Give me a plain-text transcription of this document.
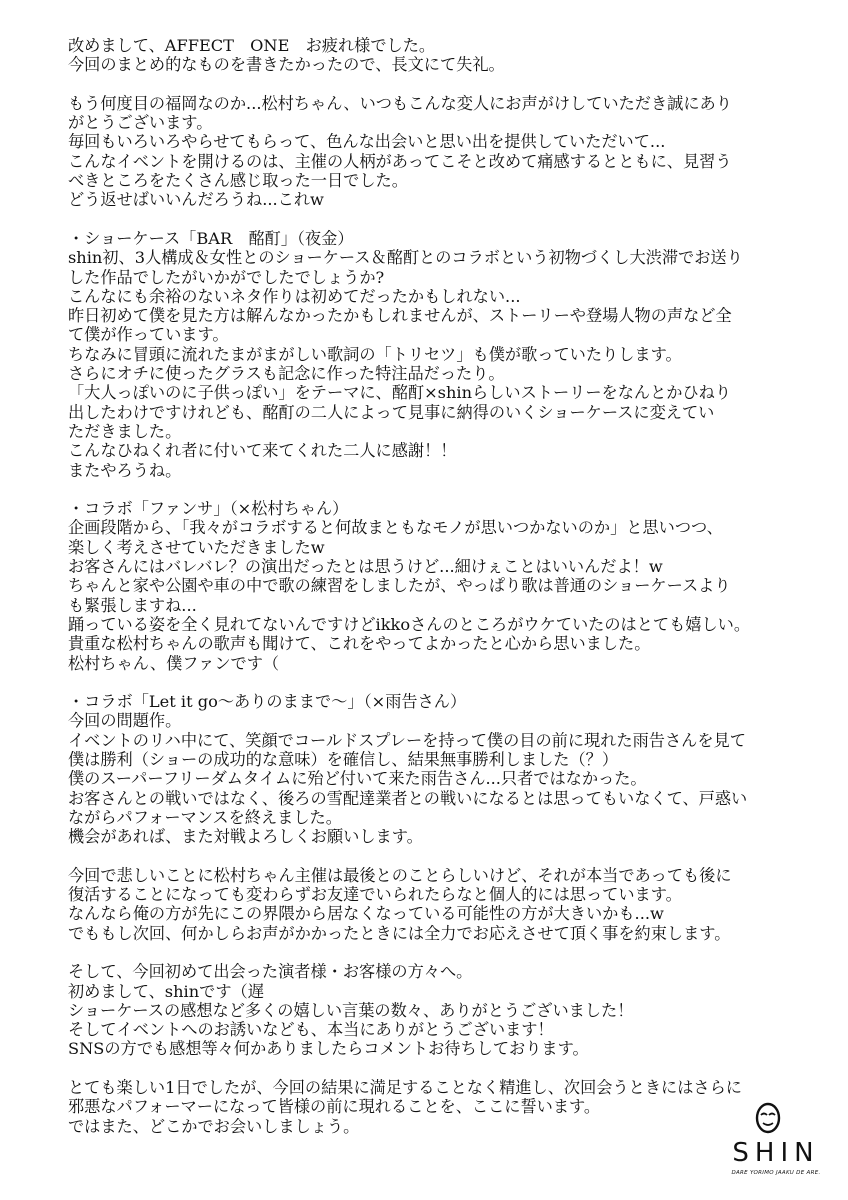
改めまして、AFFECT　ONE　お疲れ様でした。
今回のまとめ的なものを書きたかったので、長文にて失礼。
もう何度目の福岡なのか...松村ちゃん、いつもこんな変人にお声がけしていただき誠にあり
がとうございます。
毎回もいろいろやらせてもらって、色んな出会いと思い出を提供していただいて...
こんなイベントを開けるのは、主催の人柄があってこそと改めて痛感するとともに、見習う
べきところをたくさん感じ取った一日でした。
どう返せばいいんだろうね...これw
・ショーケース「BAR　酩酊」（夜金）
shin初、3人構成＆女性とのショーケース＆酩酊とのコラボという初物づくし大渋滞でお送り
した作品でしたがいかがでしたでしょうか?
こんなにも余裕のないネタ作りは初めてだったかもしれない...
昨日初めて僕を見た方は解んなかったかもしれませんが、ストーリーや登場人物の声など全
て僕が作っています。
ちなみに冒頭に流れたまがまがしい歌詞の「トリセツ」も僕が歌っていたりします。
さらにオチに使ったグラスも記念に作った特注品だったり。
「大人っぽいのに子供っぽい」をテーマに、酩酊×shinらしいストーリーをなんとかひねり
出したわけですけれども、酩酊の二人によって見事に納得のいくショーケースに変えてい
ただきました。
こんなひねくれ者に付いて来てくれた二人に感謝！！
またやろうね。
・コラボ「ファンサ」（×松村ちゃん）
企画段階から、「我々がコラボすると何故まともなモノが思いつかないのか」と思いつつ、
楽しく考えさせていただきましたw
お客さんにはバレバレ？の演出だったとは思うけど...細けぇことはいいんだよ！w
ちゃんと家や公園や車の中で歌の練習をしましたが、やっぱり歌は普通のショーケースより
も緊張しますね...
踊っている姿を全く見れてないんですけどikkoさんのところがウケていたのはとても嬉しい。
貴重な松村ちゃんの歌声も聞けて、これをやってよかったと心から思いました。
松村ちゃん、僕ファンです（
・コラボ「Let it go～ありのままで～」（×雨告さん）
今回の問題作。
イベントのリハ中にて、笑顔でコールドスプレーを持って僕の目の前に現れた雨告さんを見て
僕は勝利（ショーの成功的な意味）を確信し、結果無事勝利しました（？）
僕のスーパーフリーダムタイムに殆ど付いて来た雨告さん...只者ではなかった。
お客さんとの戦いではなく、後ろの雪配達業者との戦いになるとは思ってもいなくて、戸惑い
ながらパフォーマンスを終えました。
機会があれば、また対戦よろしくお願いします。
今回で悲しいことに松村ちゃん主催は最後とのことらしいけど、それが本当であっても後に
復活することになっても変わらずお友達でいられたらなと個人的には思っています。
なんなら俺の方が先にこの界隈から居なくなっている可能性の方が大きいかも...w
でももし次回、何かしらお声がかかったときには全力でお応えさせて頂く事を約束します。
そして、今回初めて出会った演者様・お客様の方々へ。
初めまして、shinです（遅
ショーケースの感想など多くの嬉しい言葉の数々、ありがとうございました！
そしてイベントへのお誘いなども、本当にありがとうございます！
SNSの方でも感想等々何かありましたらコメントお待ちしております。
とても楽しい1日でしたが、今回の結果に満足することなく精進し、次回会うときにはさらに
邪悪なパフォーマーになって皆様の前に現れることを、ここに誓います。
ではまた、どこかでお会いしましょう。
SHIN
DARE YORIMO JAAKU DE ARE.
